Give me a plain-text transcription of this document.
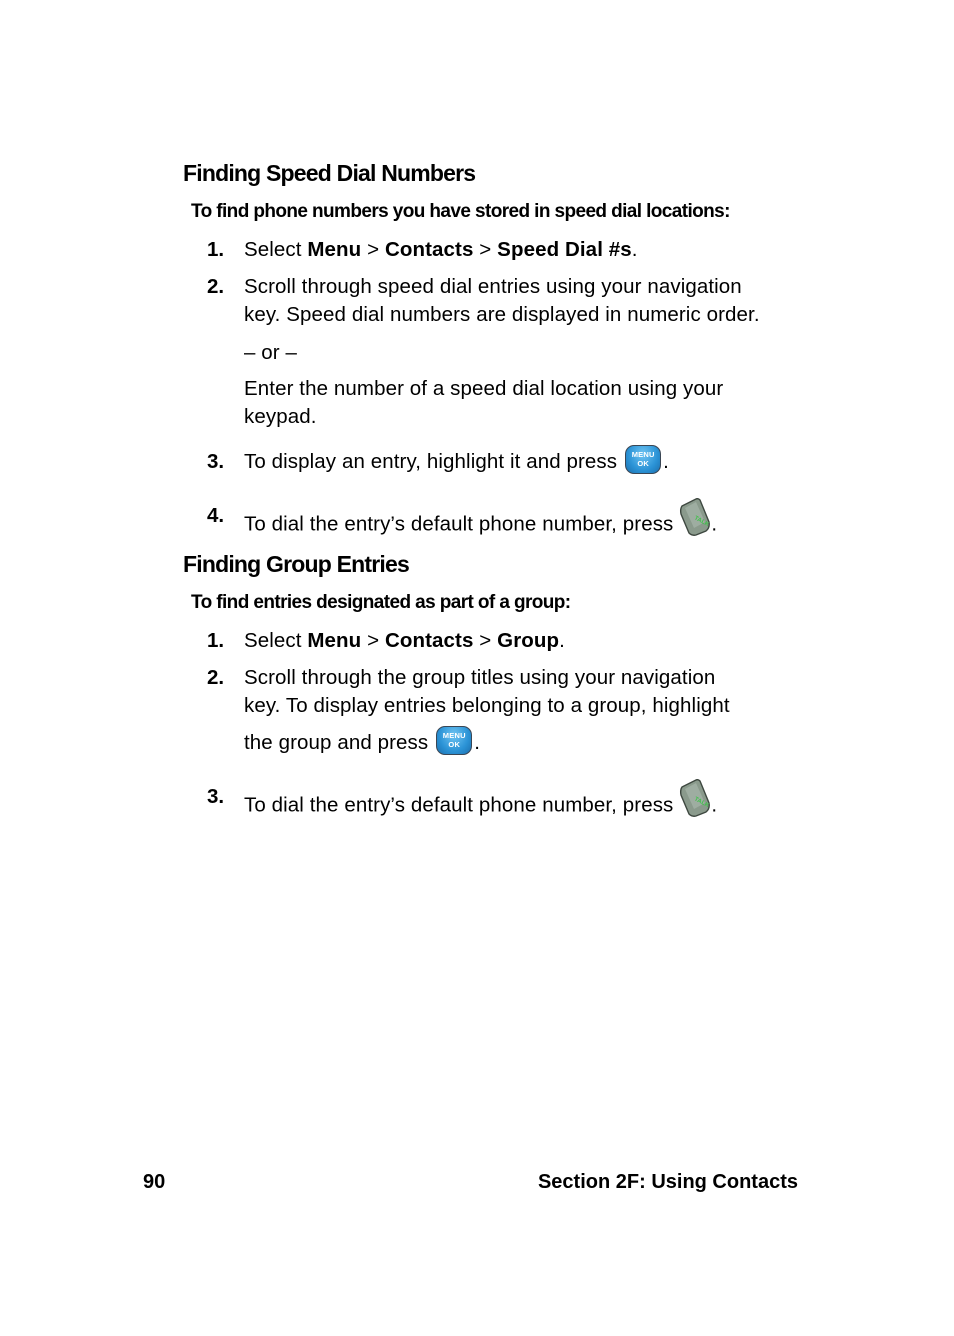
Finding Speed Dial Numbers
To find phone numbers you have stored in speed dial locations:
1. Select Menu > Contacts > Speed Dial #s.
2. Scroll through speed dial entries using your navigation
key. Speed dial numbers are displayed in numeric order.
– or –
Enter the number of a speed dial location using your
keypad.
3. To display an entry, highlight it and press MENU
OK .
4. To dial the entry’s default phone number, press	TALK .
Finding Group Entries
To find entries designated as part of a group:
1. Select Menu > Contacts > Group.
2. Scroll through the group titles using your navigation
key. To display entries belonging to a group, highlight
the group and press MENU
OK .
3. To dial the entry’s default phone number, press	TALK .
90	Section 2F: Using Contacts
